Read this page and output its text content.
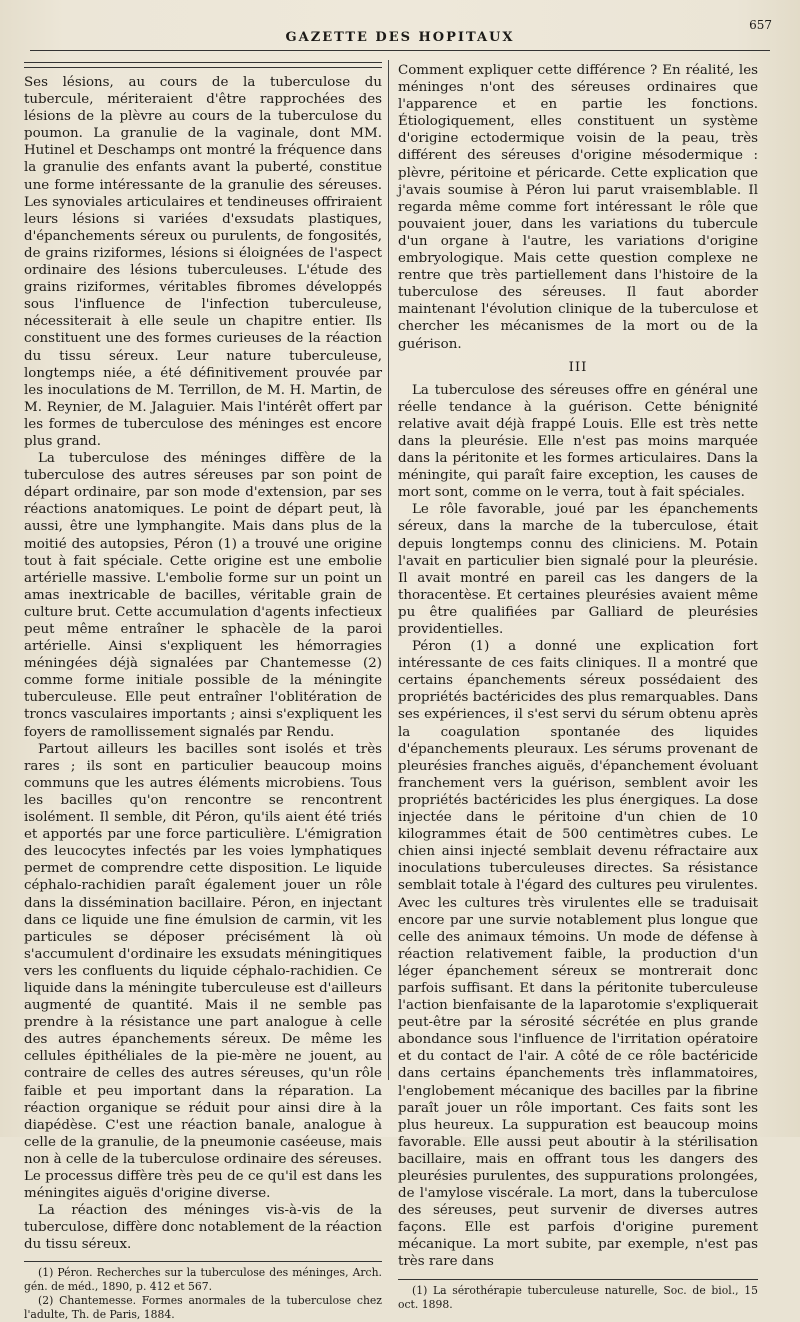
GAZETTE DES HOPITAUX
657

Ses lésions, au cours de la tuberculose du tubercule, mériteraient d'être rapprochées des lésions de la plèvre au cours de la tuberculose du poumon. La granulie de la vaginale, dont MM. Hutinel et Deschamps ont montré la fréquence dans la granulie des enfants avant la puberté, constitue une forme intéressante de la granulie des séreuses. Les synoviales articulaires et tendineuses offriraient leurs lésions si variées d'exsudats plastiques, d'épanchements séreux ou purulents, de fongosités, de grains riziformes, lésions si éloignées de l'aspect ordinaire des lésions tuberculeuses. L'étude des grains riziformes, véritables fibromes développés sous l'influence de l'infection tuberculeuse, nécessiterait à elle seule un chapitre entier. Ils constituent une des formes curieuses de la réaction du tissu séreux. Leur nature tuberculeuse, longtemps niée, a été définitivement prouvée par les inoculations de M. Terrillon, de M. H. Martin, de M. Reynier, de M. Jalaguier. Mais l'intérêt offert par les formes de tuberculose des méninges est encore plus grand.

La tuberculose des méninges diffère de la tuberculose des autres séreuses par son point de départ ordinaire, par son mode d'extension, par ses réactions anatomiques. Le point de départ peut, là aussi, être une lymphangite. Mais dans plus de la moitié des autopsies, Péron (1) a trouvé une origine tout à fait spéciale. Cette origine est une embolie artérielle massive. L'embolie forme sur un point un amas inextricable de bacilles, véritable grain de culture brut. Cette accumulation d'agents infectieux peut même entraîner le sphacèle de la paroi artérielle. Ainsi s'expliquent les hémorragies méningées déjà signalées par Chantemesse (2) comme forme initiale possible de la méningite tuberculeuse. Elle peut entraîner l'oblitération de troncs vasculaires importants ; ainsi s'expliquent les foyers de ramollissement signalés par Rendu.

Partout ailleurs les bacilles sont isolés et très rares ; ils sont en particulier beaucoup moins communs que les autres éléments microbiens. Tous les bacilles qu'on rencontre se rencontrent isolément. Il semble, dit Péron, qu'ils aient été triés et apportés par une force particulière. L'émigration des leucocytes infectés par les voies lymphatiques permet de comprendre cette disposition. Le liquide céphalo-rachidien paraît également jouer un rôle dans la dissémination bacillaire. Péron, en injectant dans ce liquide une fine émulsion de carmin, vit les particules se déposer précisément là où s'accumulent d'ordinaire les exsudats méningitiques vers les confluents du liquide céphalo-rachidien. Ce liquide dans la méningite tuberculeuse est d'ailleurs augmenté de quantité. Mais il ne semble pas prendre à la résistance une part analogue à celle des autres épanchements séreux. De même les cellules épithéliales de la pie-mère ne jouent, au contraire de celles des autres séreuses, qu'un rôle faible et peu important dans la réparation. La réaction organique se réduit pour ainsi dire à la diapédèse. C'est une réaction banale, analogue à celle de la granulie, de la pneumonie caséeuse, mais non à celle de la tuberculose ordinaire des séreuses. Le processus diffère très peu de ce qu'il est dans les méningites aiguës d'origine diverse.

La réaction des méninges vis-à-vis de la tuberculose, diffère donc notablement de la réaction du tissu séreux.

(1) Péron. Recherches sur la tuberculose des méninges, Arch. gén. de méd., 1890, p. 412 et 567.

(2) Chantemesse. Formes anormales de la tuberculose chez l'adulte, Th. de Paris, 1884.

Comment expliquer cette différence ? En réalité, les méninges n'ont des séreuses ordinaires que l'apparence et en partie les fonctions. Étiologiquement, elles constituent un système d'origine ectodermique voisin de la peau, très différent des séreuses d'origine mésodermique : plèvre, péritoine et péricarde. Cette explication que j'avais soumise à Péron lui parut vraisemblable. Il regarda même comme fort intéressant le rôle que pouvaient jouer, dans les variations du tubercule d'un organe à l'autre, les variations d'origine embryologique. Mais cette question complexe ne rentre que très partiellement dans l'histoire de la tuberculose des séreuses. Il faut aborder maintenant l'évolution clinique de la tuberculose et chercher les mécanismes de la mort ou de la guérison.

III

La tuberculose des séreuses offre en général une réelle tendance à la guérison. Cette bénignité relative avait déjà frappé Louis. Elle est très nette dans la pleurésie. Elle n'est pas moins marquée dans la péritonite et les formes articulaires. Dans la méningite, qui paraît faire exception, les causes de mort sont, comme on le verra, tout à fait spéciales.

Le rôle favorable, joué par les épanchements séreux, dans la marche de la tuberculose, était depuis longtemps connu des cliniciens. M. Potain l'avait en particulier bien signalé pour la pleurésie. Il avait montré en pareil cas les dangers de la thoracentèse. Et certaines pleurésies avaient même pu être qualifiées par Galliard de pleurésies providentielles.

Péron (1) a donné une explication fort intéressante de ces faits cliniques. Il a montré que certains épanchements séreux possédaient des propriétés bactéricides des plus remarquables. Dans ses expériences, il s'est servi du sérum obtenu après la coagulation spontanée des liquides d'épanchements pleuraux. Les sérums provenant de pleurésies franches aiguës, d'épanchement évoluant franchement vers la guérison, semblent avoir les propriétés bactéricides les plus énergiques. La dose injectée dans le péritoine d'un chien de 10 kilogrammes était de 500 centimètres cubes. Le chien ainsi injecté semblait devenu réfractaire aux inoculations tuberculeuses directes. Sa résistance semblait totale à l'égard des cultures peu virulentes. Avec les cultures très virulentes elle se traduisait encore par une survie notablement plus longue que celle des animaux témoins. Un mode de défense à réaction relativement faible, la production d'un léger épanchement séreux se montrerait donc parfois suffisant. Et dans la péritonite tuberculeuse l'action bienfaisante de la laparotomie s'expliquerait peut-être par la sérosité sécrétée en plus grande abondance sous l'influence de l'irritation opératoire et du contact de l'air. A côté de ce rôle bactéricide dans certains épanchements très inflammatoires, l'englobement mécanique des bacilles par la fibrine paraît jouer un rôle important. Ces faits sont les plus heureux. La suppuration est beaucoup moins favorable. Elle aussi peut aboutir à la stérilisation bacillaire, mais en offrant tous les dangers des pleurésies purulentes, des suppurations prolongées, de l'amylose viscérale. La mort, dans la tuberculose des séreuses, peut survenir de diverses autres façons. Elle est parfois d'origine purement mécanique. La mort subite, par exemple, n'est pas très rare dans

(1) La sérothérapie tuberculeuse naturelle, Soc. de biol., 15 oct. 1898.
